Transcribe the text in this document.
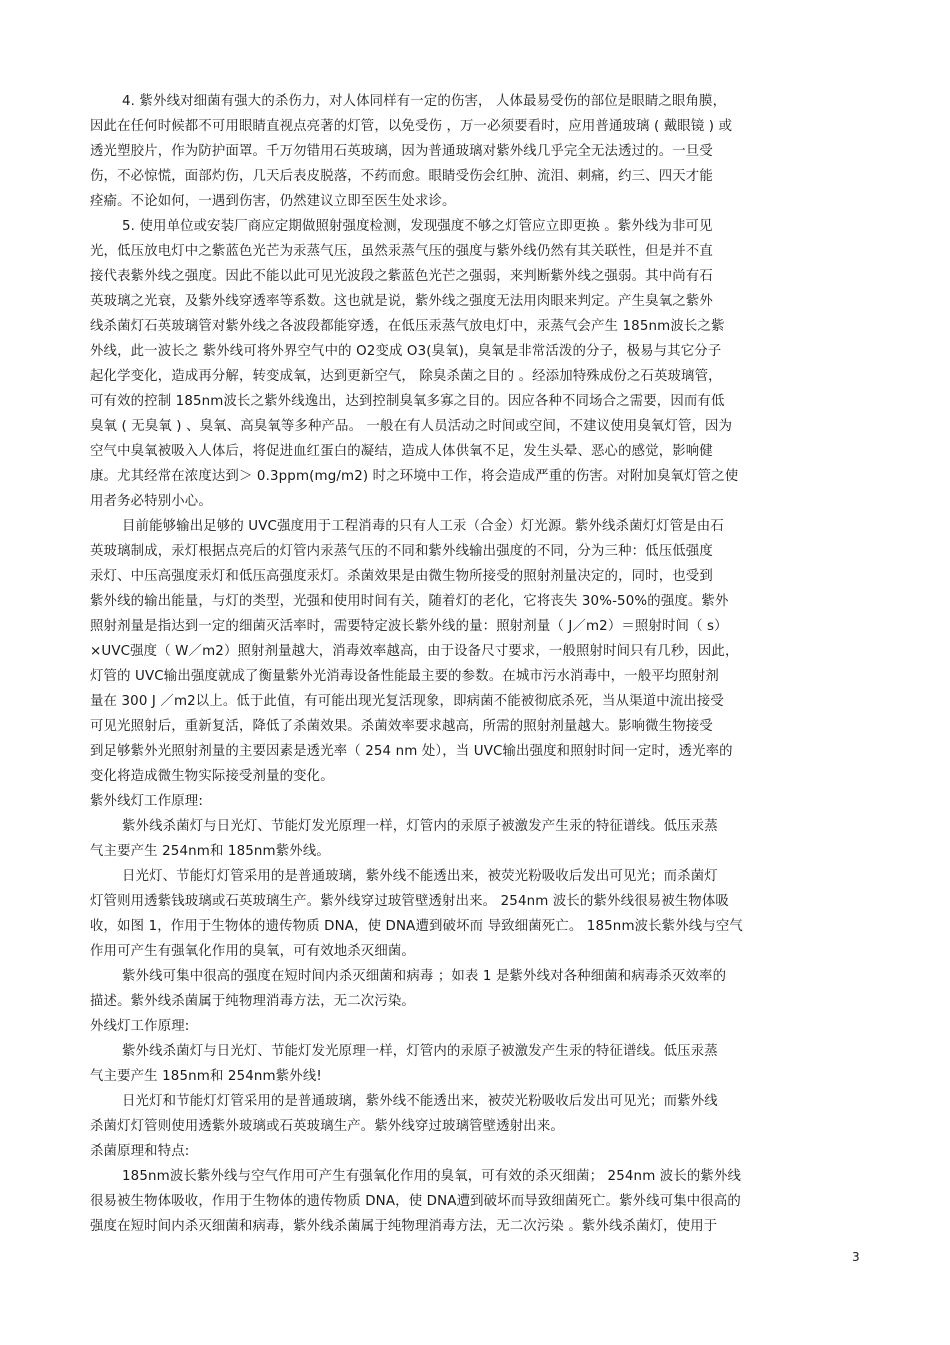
4. 紫外线对细菌有强大的杀伤力，对人体同样有一定的伤害， 人体最易受伤的部位是眼睛之眼角膜，
因此在任何时候都不可用眼睛直视点亮著的灯管，以免受伤 ，万一必须要看时，应用普通玻璃 ( 戴眼镜 ) 或
透光塑胶片，作为防护面罩。千万勿错用石英玻璃，因为普通玻璃对紫外线几乎完全无法透过的。一旦受
伤，不必惊慌，面部灼伤，几天后表皮脱落，不药而愈。眼睛受伤会红肿、流泪、刺痛，约三、四天才能
痊瘉。不论如何，一遇到伤害，仍然建议立即至医生处求诊。
5. 使用单位或安装厂商应定期做照射强度检测，发现强度不够之灯管应立即更换 。紫外线为非可见
光，低压放电灯中之紫蓝色光芒为汞蒸气压，虽然汞蒸气压的强度与紫外线仍然有其关联性，但是并不直
接代表紫外线之强度。因此不能以此可见光波段之紫蓝色光芒之强弱，来判断紫外线之强弱。其中尚有石
英玻璃之光衰，及紫外线穿透率等系数。这也就是说，紫外线之强度无法用肉眼来判定。产生臭氧之紫外
线杀菌灯石英玻璃管对紫外线之各波段都能穿透，在低压汞蒸气放电灯中，汞蒸气会产生 185nm波长之紫
外线，此一波长之 紫外线可将外界空气中的 O2变成 O3(臭氧)，臭氧是非常活泼的分子，极易与其它分子
起化学变化，造成再分解，转变成氧，达到更新空气， 除臭杀菌之目的 。经添加特殊成份之石英玻璃管，
可有效的控制 185nm波长之紫外线逸出，达到控制臭氧多寡之目的。因应各种不同场合之需要，因而有低
臭氧 ( 无臭氧 ) 、臭氧、高臭氧等多种产品。 一般在有人员活动之时间或空间，不建议使用臭氧灯管，因为
空气中臭氧被吸入人体后，将促进血红蛋白的凝结，造成人体供氧不足，发生头晕、恶心的感觉，影响健
康。尤其经常在浓度达到＞ 0.3ppm(mg/m2) 时之环境中工作，将会造成严重的伤害。对附加臭氧灯管之使
用者务必特别小心。
目前能够输出足够的 UVC强度用于工程消毒的只有人工汞（合金）灯光源。紫外线杀菌灯灯管是由石
英玻璃制成，汞灯根据点亮后的灯管内汞蒸气压的不同和紫外线输出强度的不同，分为三种：低压低强度
汞灯、中压高强度汞灯和低压高强度汞灯。杀菌效果是由微生物所接受的照射剂量决定的，同时，也受到
紫外线的输出能量，与灯的类型，光强和使用时间有关，随着灯的老化，它将丧失 30%-50%的强度。紫外
照射剂量是指达到一定的细菌灭活率时，需要特定波长紫外线的量：照射剂量（ J／m2）＝照射时间（ s）
×UVC强度（ W／m2）照射剂量越大，消毒效率越高，由于设备尺寸要求，一般照射时间只有几秒，因此，
灯管的 UVC输出强度就成了衡量紫外光消毒设备性能最主要的参数。在城市污水消毒中，一般平均照射剂
量在 300 J ／m2以上。低于此值，有可能出现光复活现象，即病菌不能被彻底杀死，当从渠道中流出接受
可见光照射后，重新复活，降低了杀菌效果。杀菌效率要求越高，所需的照射剂量越大。影响微生物接受
到足够紫外光照射剂量的主要因素是透光率（ 254 nm 处），当 UVC输出强度和照射时间一定时，透光率的
变化将造成微生物实际接受剂量的变化。
紫外线灯工作原理:
紫外线杀菌灯与日光灯、节能灯发光原理一样，灯管内的汞原子被激发产生汞的特征谱线。低压汞蒸
气主要产生 254nm和 185nm紫外线。
日光灯、节能灯灯管采用的是普通玻璃，紫外线不能透出来，被荧光粉吸收后发出可见光；而杀菌灯
灯管则用透紫钱玻璃或石英玻璃生产。紫外线穿过玻管壁透射出来。 254nm 波长的紫外线很易被生物体吸
收，如图 1，作用于生物体的遗传物质 DNA，使 DNA遭到破坏而 导致细菌死亡。 185nm波长紫外线与空气
作用可产生有强氧化作用的臭氧，可有效地杀灭细菌。
紫外线可集中很高的强度在短时间内杀灭细菌和病毒 ；如表 1 是紫外线对各种细菌和病毒杀灭效率的
描述。紫外线杀菌属于纯物理消毒方法，无二次污染。
外线灯工作原理:
紫外线杀菌灯与日光灯、节能灯发光原理一样，灯管内的汞原子被激发产生汞的特征谱线。低压汞蒸
气主要产生 185nm和 254nm紫外线!
日光灯和节能灯灯管采用的是普通玻璃，紫外线不能透出来，被荧光粉吸收后发出可见光；而紫外线
杀菌灯灯管则使用透紫外玻璃或石英玻璃生产。紫外线穿过玻璃管壁透射出来。
杀菌原理和特点:
185nm波长紫外线与空气作用可产生有强氧化作用的臭氧，可有效的杀灭细菌； 254nm 波长的紫外线
很易被生物体吸收，作用于生物体的遗传物质 DNA，使 DNA遭到破坏而导致细菌死亡。紫外线可集中很高的
强度在短时间内杀灭细菌和病毒，紫外线杀菌属于纯物理消毒方法，无二次污染 。紫外线杀菌灯，使用于
3
